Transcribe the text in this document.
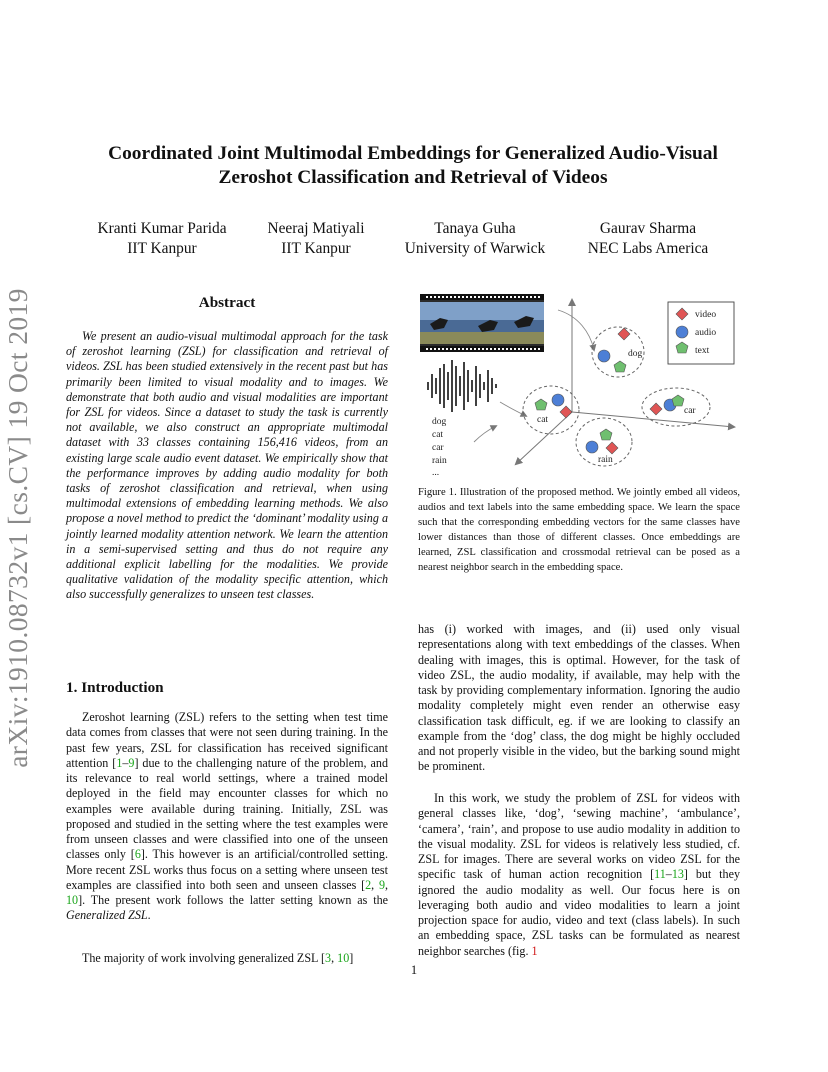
arXiv:1910.08732v1 [cs.CV] 19 Oct 2019
Coordinated Joint Multimodal Embeddings for Generalized Audio-Visual
Zeroshot Classification and Retrieval of Videos
Kranti Kumar Parida
IIT Kanpur
Neeraj Matiyali
IIT Kanpur
Tanaya Guha
University of Warwick
Gaurav Sharma
NEC Labs America
Abstract
We present an audio-visual multimodal approach for the task of zeroshot learning (ZSL) for classification and retrieval of videos. ZSL has been studied extensively in the recent past but has primarily been limited to visual modality and to images. We demonstrate that both audio and visual modalities are important for ZSL for videos. Since a dataset to study the task is currently not available, we also construct an appropriate multimodal dataset with 33 classes containing 156,416 videos, from an existing large scale audio event dataset. We empirically show that the performance improves by adding audio modality for both tasks of zeroshot classification and retrieval, when using multimodal extensions of embedding learning methods. We also propose a novel method to predict the ‘dominant’ modality using a jointly learned modality attention network. We learn the attention in a semi-supervised setting and thus do not require any additional explicit labelling for the modalities. We provide qualitative validation of the modality specific attention, which also successfully generalizes to unseen test classes.
1. Introduction
Zeroshot learning (ZSL) refers to the setting when test time data comes from classes that were not seen during training. In the past few years, ZSL for classification has received significant attention [1–9] due to the challenging nature of the problem, and its relevance to real world settings, where a trained model deployed in the field may encounter classes for which no examples were available during training. Initially, ZSL was proposed and studied in the setting where the test examples were from unseen classes and were classified into one of the unseen classes only [6]. This however is an artificial/controlled setting. More recent ZSL works thus focus on a setting where unseen test examples are classified into both seen and unseen classes [2, 9, 10]. The present work follows the latter setting known as the Generalized ZSL.
The majority of work involving generalized ZSL [3, 10]
dog
cat
car
rain
...
dog
cat
car
rain
video
audio
text
Figure 1. Illustration of the proposed method. We jointly embed all videos, audios and text labels into the same embedding space. We learn the space such that the corresponding embedding vectors for the same classes have lower distances than those of different classes. Once embeddings are learned, ZSL classification and crossmodal retrieval can be posed as a nearest neighbor search in the embedding space.
has (i) worked with images, and (ii) used only visual representations along with text embeddings of the classes. When dealing with images, this is optimal. However, for the task of video ZSL, the audio modality, if available, may help with the task by providing complementary information. Ignoring the audio modality completely might even render an otherwise easy classification task difficult, eg. if we are looking to classify an example from the ‘dog’ class, the dog might be highly occluded and not properly visible in the video, but the barking sound might be prominent.
In this work, we study the problem of ZSL for videos with general classes like, ‘dog’, ‘sewing machine’, ‘ambulance’, ‘camera’, ‘rain’, and propose to use audio modality in addition to the visual modality. ZSL for videos is relatively less studied, cf. ZSL for images. There are several works on video ZSL for the specific task of human action recognition [11–13] but they ignored the audio modality as well. Our focus here is on leveraging both audio and video modalities to learn a joint projection space for audio, video and text (class labels). In such an embedding space, ZSL tasks can be formulated as nearest neighbor searches (fig. 1
1
